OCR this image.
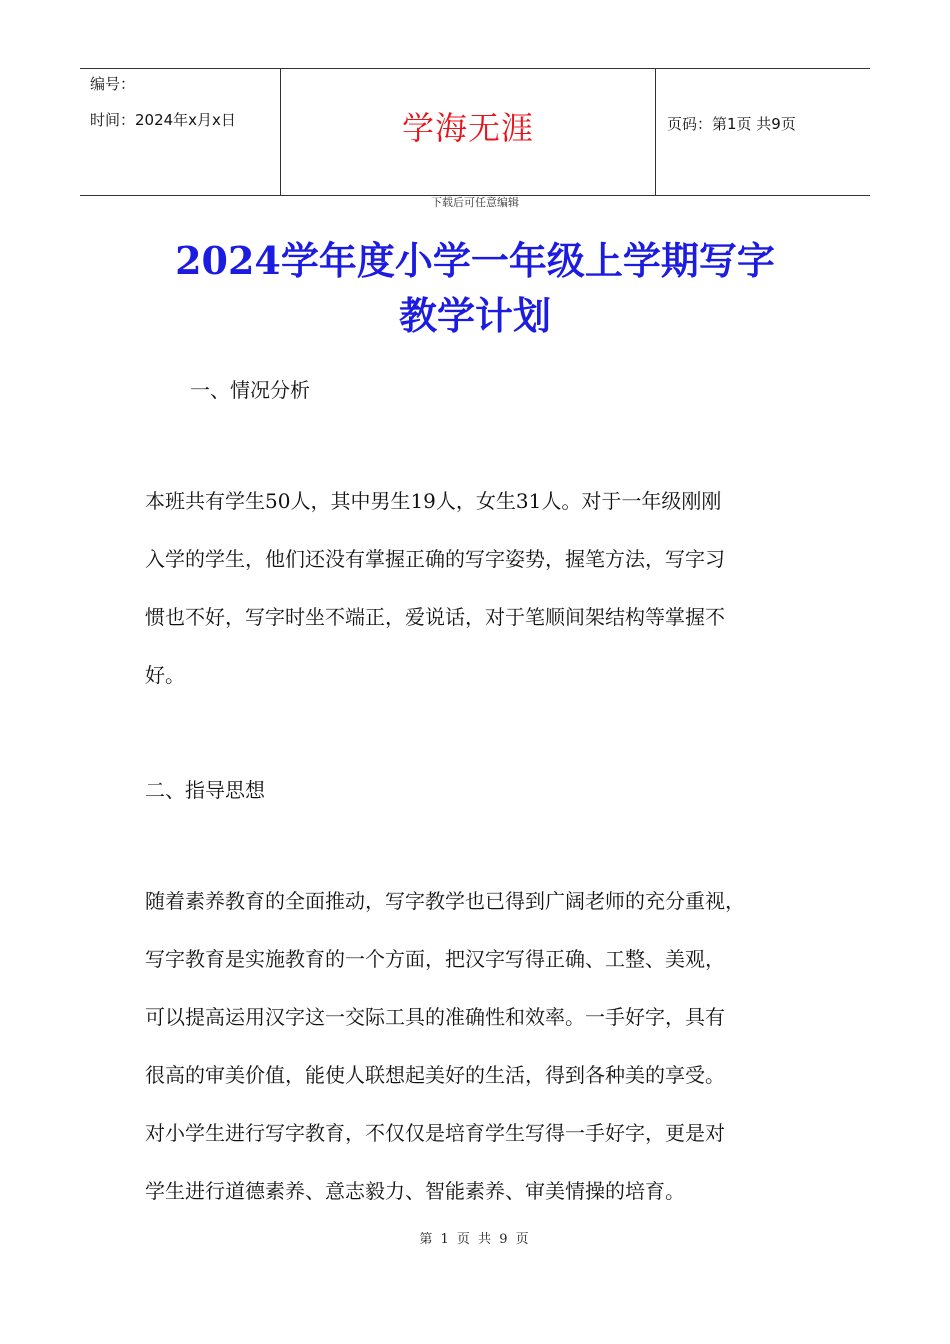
编号：
时间：2024年x月x日	学海无涯	页码：第1页 共9页
下载后可任意编辑
2024学年度小学一年级上学期写字
教学计划
一、情况分析
本班共有学生50人，其中男生19人，女生31人。对于一年级刚刚
入学的学生，他们还没有掌握正确的写字姿势，握笔方法，写字习
惯也不好，写字时坐不端正，爱说话，对于笔顺间架结构等掌握不
好。
二、指导思想
随着素养教育的全面推动，写字教学也已得到广阔老师的充分重视，
写字教育是实施教育的一个方面，把汉字写得正确、工整、美观，
可以提高运用汉字这一交际工具的准确性和效率。一手好字，具有
很高的审美价值，能使人联想起美好的生活，得到各种美的享受。
对小学生进行写字教育，不仅仅是培育学生写得一手好字，更是对
学生进行道德素养、意志毅力、智能素养、审美情操的培育。
第 1 页 共 9 页
